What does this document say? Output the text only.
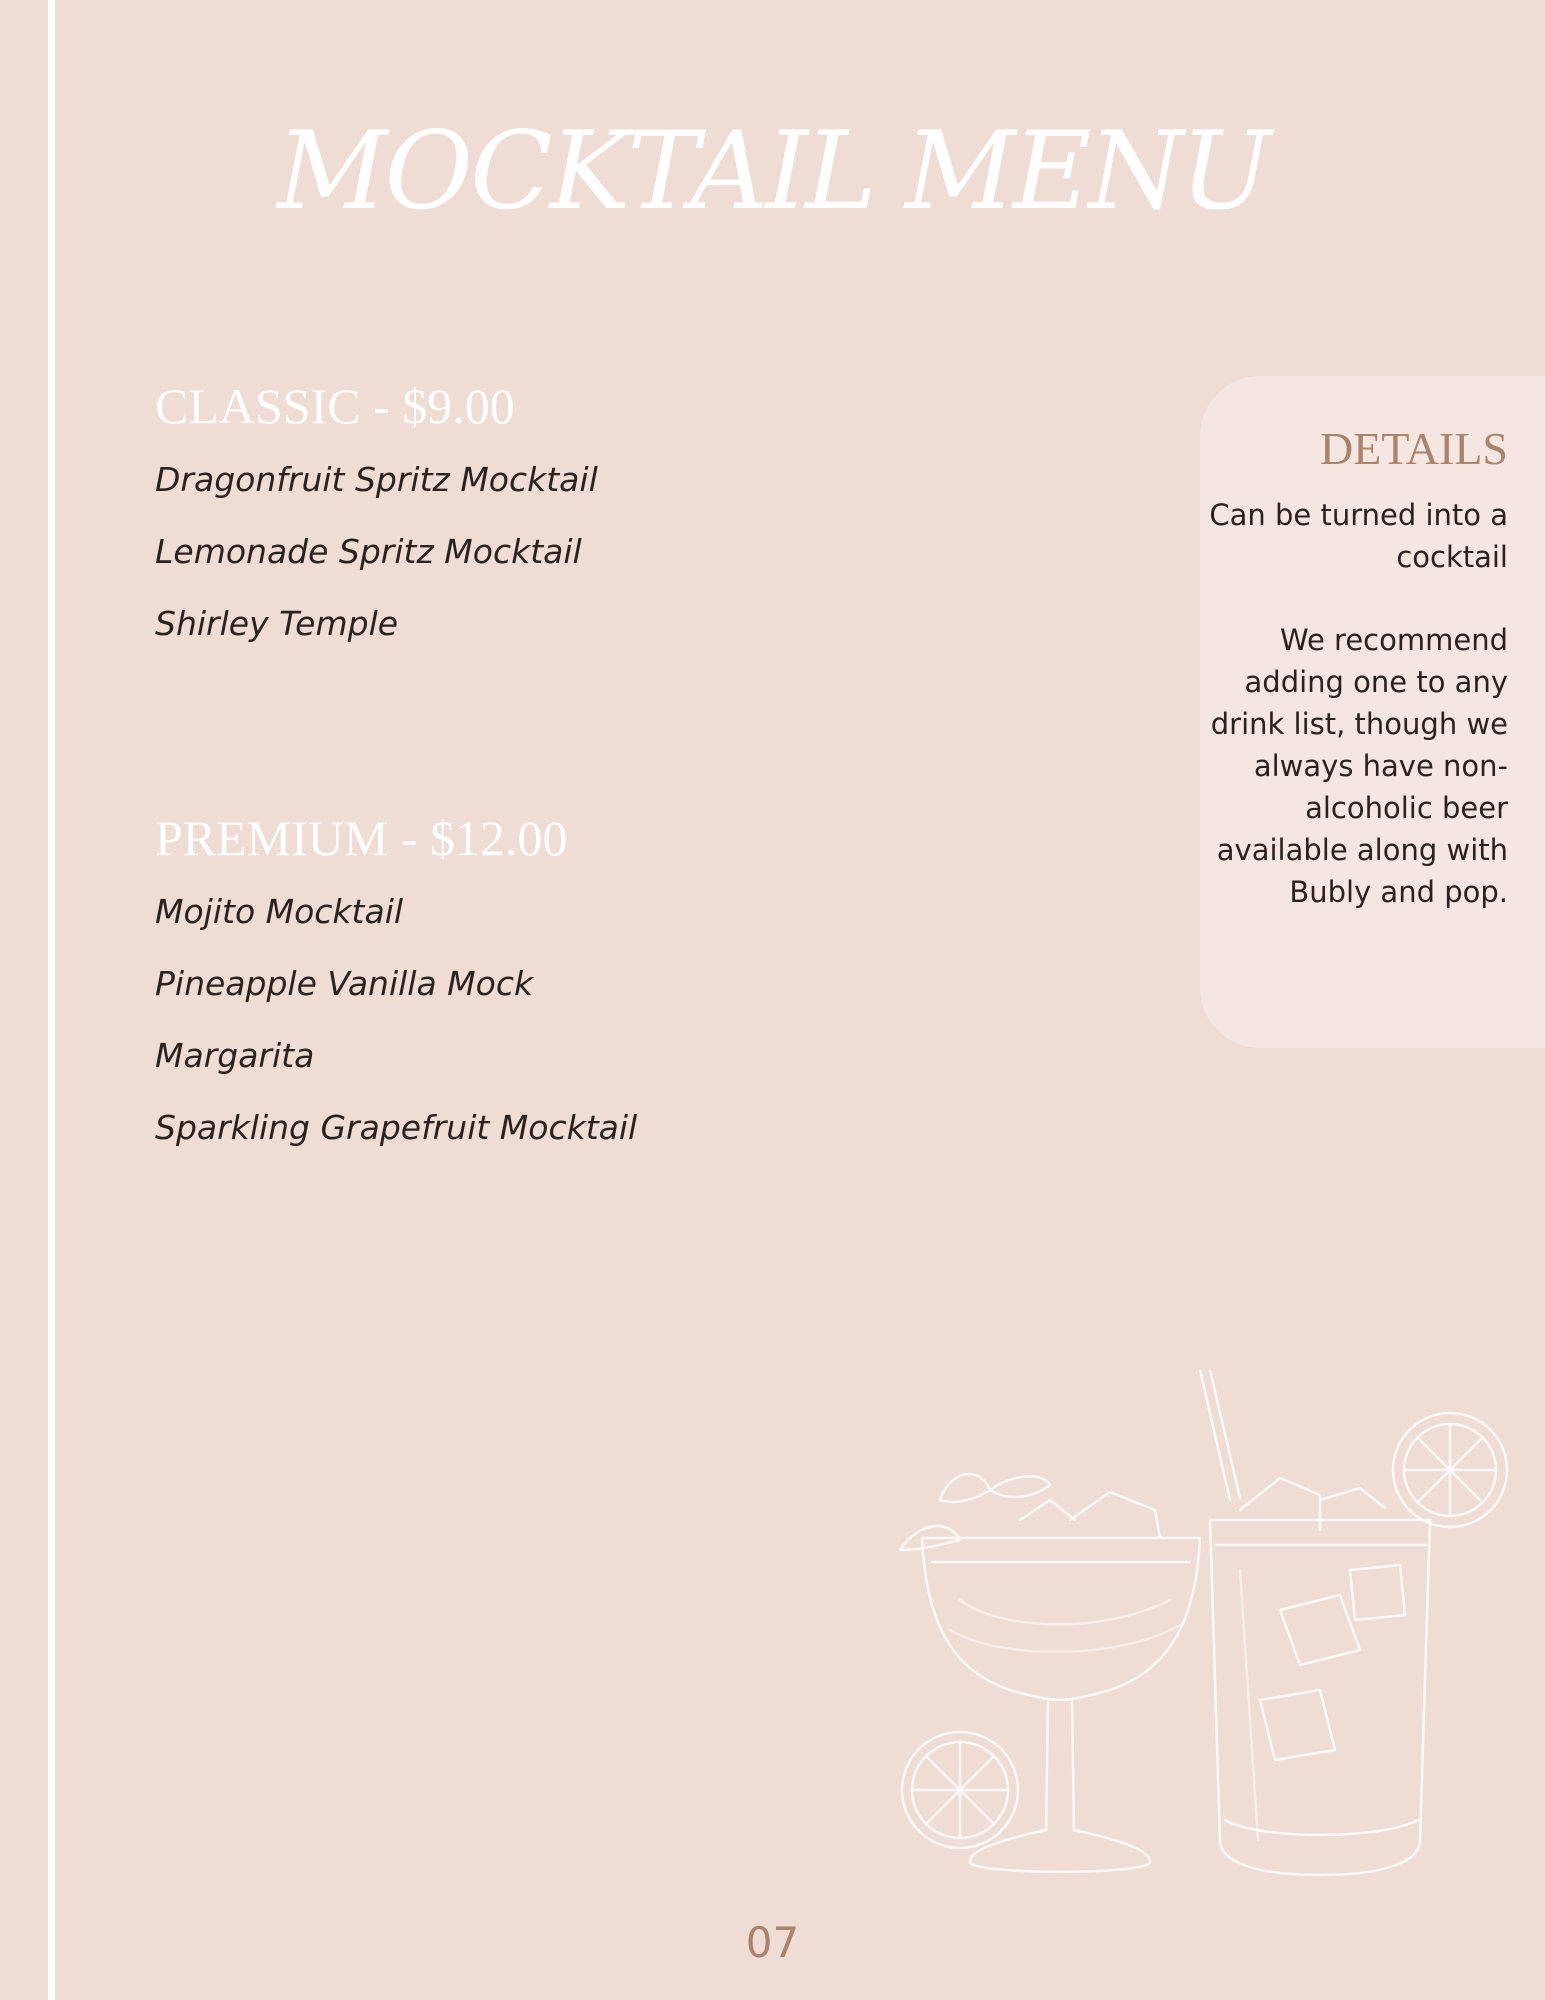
MOCKTAIL MENU
CLASSIC - $9.00
Dragonfruit Spritz Mocktail
Lemonade Spritz Mocktail
Shirley Temple
PREMIUM - $12.00
Mojito Mocktail
Pineapple Vanilla Mock
Margarita
Sparkling Grapefruit Mocktail
DETAILS

Can be turned into a cocktail

We recommend adding one to any drink list, though we always have non-alcoholic beer available along with Bubly and pop.

07
